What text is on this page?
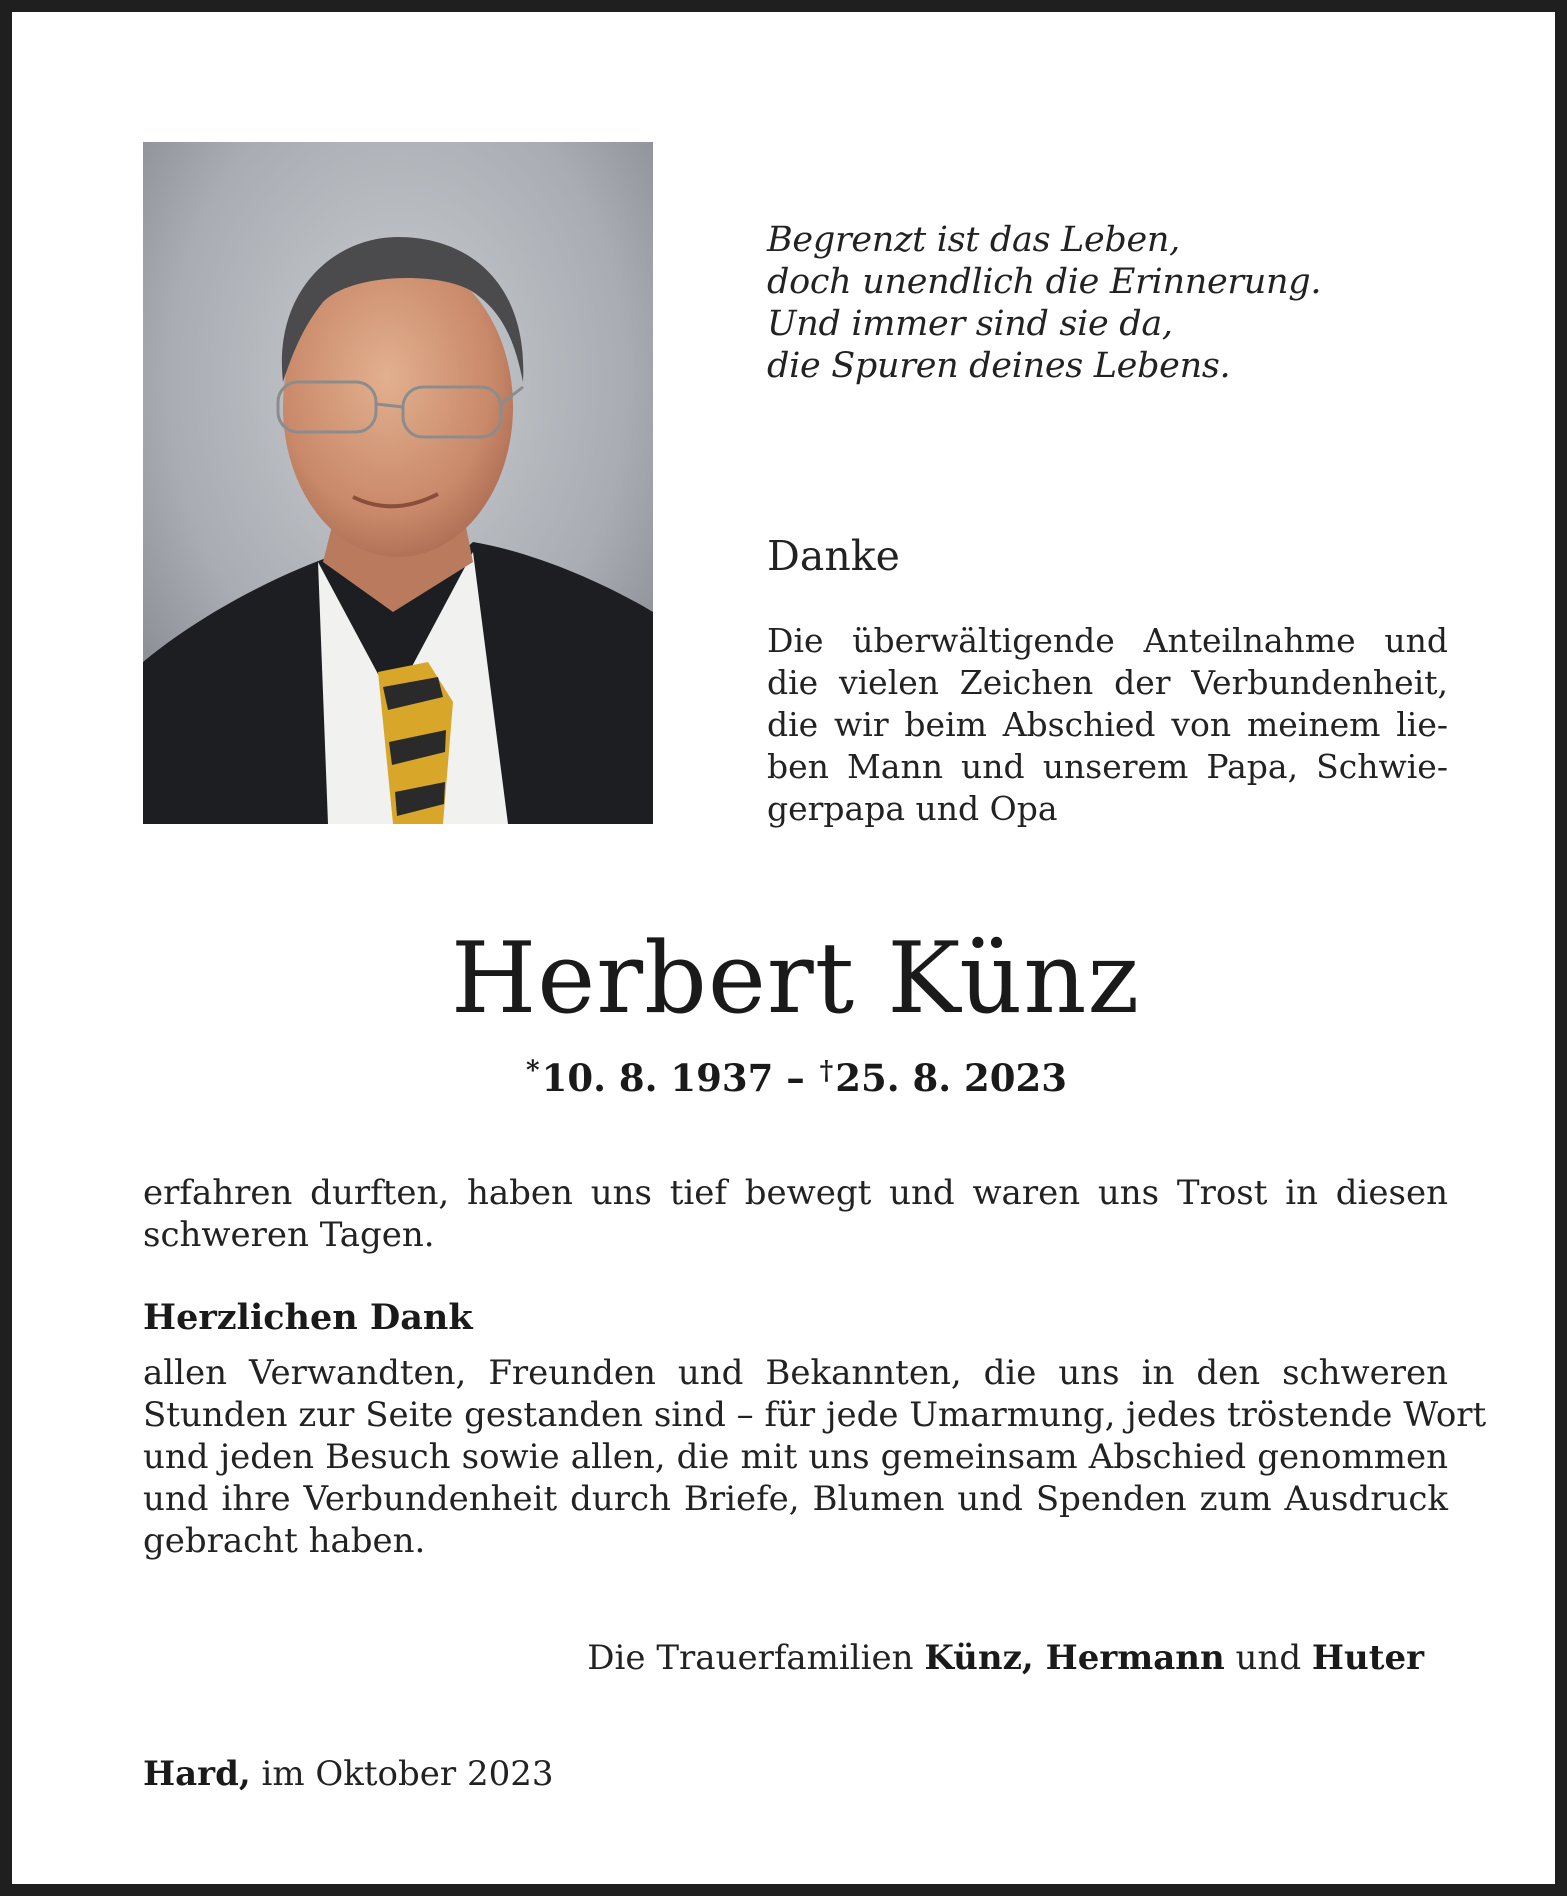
Begrenzt ist das Leben,
doch unendlich die Erinnerung.
Und immer sind sie da,
die Spuren deines Lebens.
Danke
Die überwältigende Anteilnahme und
die vielen Zeichen der Verbundenheit,
die wir beim Abschied von meinem lie-
ben Mann und unserem Papa, Schwie-
gerpapa und Opa
Herbert Künz
*10. 8. 1937 – †25. 8. 2023
erfahren durften, haben uns tief bewegt und waren uns Trost in diesen
schweren Tagen.
Herzlichen Dank
allen Verwandten, Freunden und Bekannten, die uns in den schweren
Stunden zur Seite gestanden sind – für jede Umarmung, jedes tröstende Wort
und jeden Besuch sowie allen, die mit uns gemeinsam Abschied genommen
und ihre Verbundenheit durch Briefe, Blumen und Spenden zum Ausdruck
gebracht haben.
Die Trauerfamilien Künz, Hermann und Huter
Hard, im Oktober 2023
